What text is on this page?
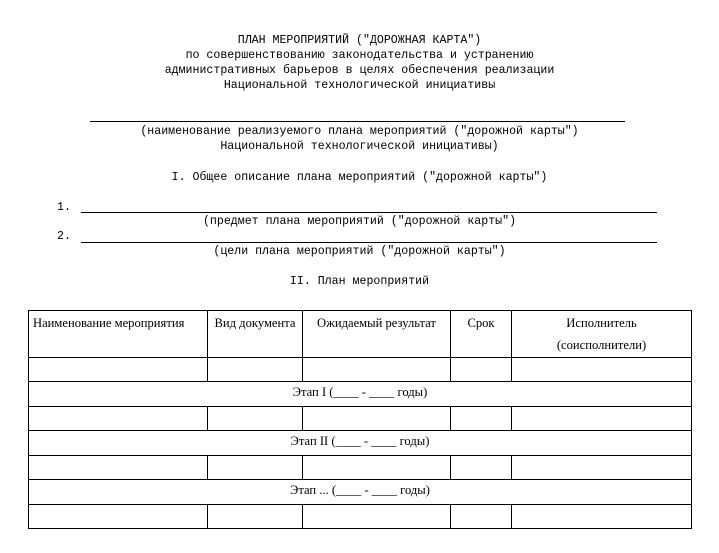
ПЛАН МЕРОПРИЯТИЙ ("ДОРОЖНАЯ КАРТА")
по совершенствованию законодательства и устранению
административных барьеров в целях обеспечения реализации
Национальной технологической инициативы
(наименование реализуемого плана мероприятий ("дорожной карты")
Национальной технологической инициативы)
I. Общее описание плана мероприятий ("дорожной карты")
1.
(предмет плана мероприятий ("дорожной карты")
2.
(цели плана мероприятий ("дорожной карты")
II. План мероприятий
Наименование мероприятия	Вид документа	Ожидаемый результат	Срок	Исполнитель
(соисполнители)

Этап I (____ - ____ годы)				

Этап II (____ - ____ годы)				

Этап ... (____ - ____ годы)				
